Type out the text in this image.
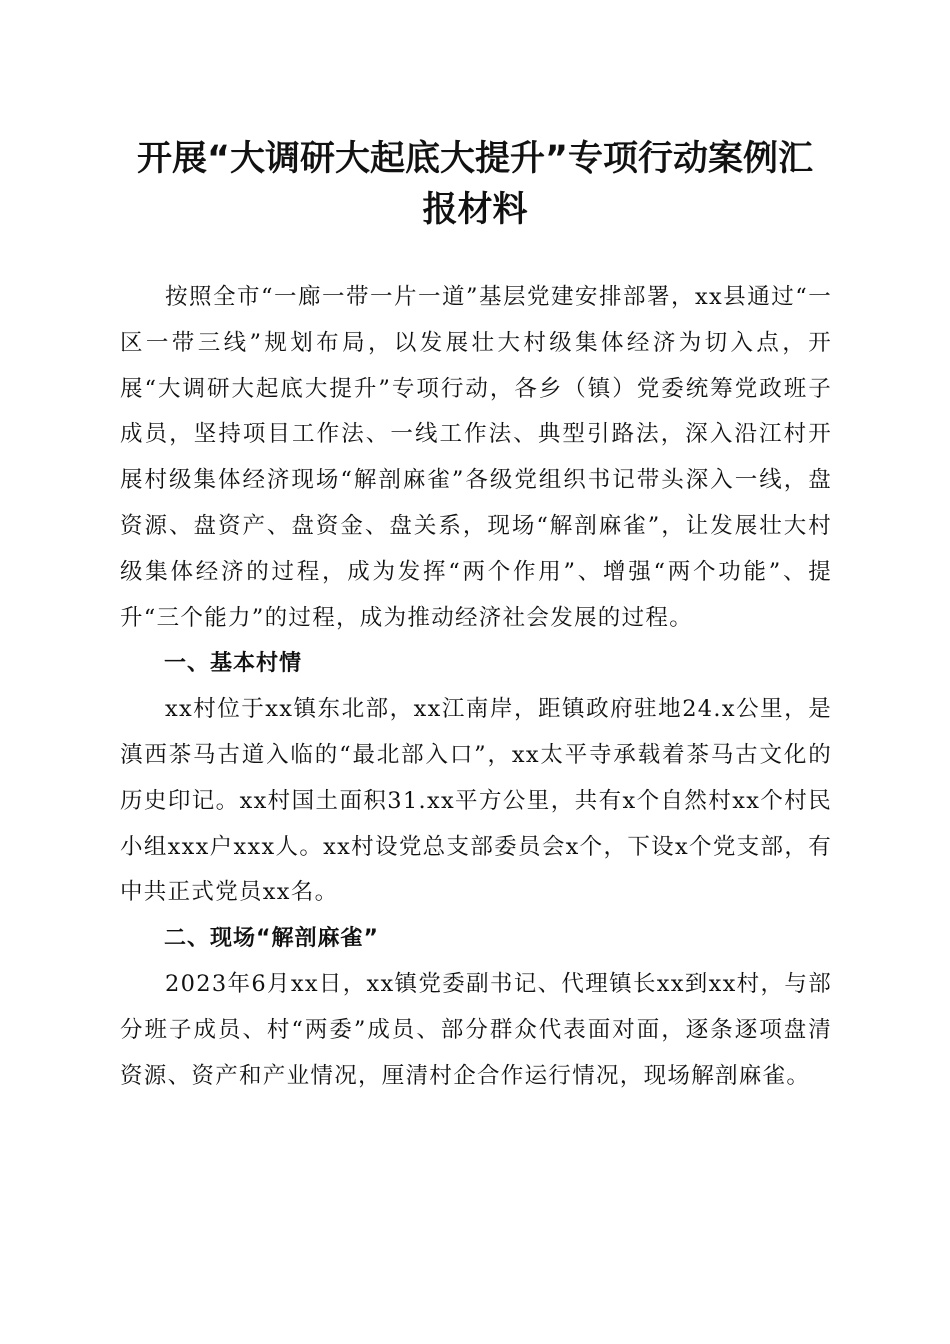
开展“大调研大起底大提升”专项行动案例汇
报材料

按照全市“一廊一带一片一道”基层党建安排部署，xx县通过“一区一带三线”规划布局，以发展壮大村级集体经济为切入点，开展“大调研大起底大提升”专项行动，各乡（镇）党委统筹党政班子成员，坚持项目工作法、一线工作法、典型引路法，深入沿江村开展村级集体经济现场“解剖麻雀”各级党组织书记带头深入一线，盘资源、盘资产、盘资金、盘关系，现场“解剖麻雀”，让发展壮大村级集体经济的过程，成为发挥“两个作用”、增强“两个功能”、提升“三个能力”的过程，成为推动经济社会发展的过程。

一、基本村情

xx村位于xx镇东北部，xx江南岸，距镇政府驻地24.x公里，是滇西茶马古道入临的“最北部入口”，xx太平寺承载着茶马古文化的历史印记。xx村国土面积31.xx平方公里，共有x个自然村xx个村民小组xxx户xxx人。xx村设党总支部委员会x个，下设x个党支部，有中共正式党员xx名。

二、现场“解剖麻雀”

2023年6月xx日，xx镇党委副书记、代理镇长xx到xx村，与部分班子成员、村“两委”成员、部分群众代表面对面，逐条逐项盘清资源、资产和产业情况，厘清村企合作运行情况，现场解剖麻雀。
